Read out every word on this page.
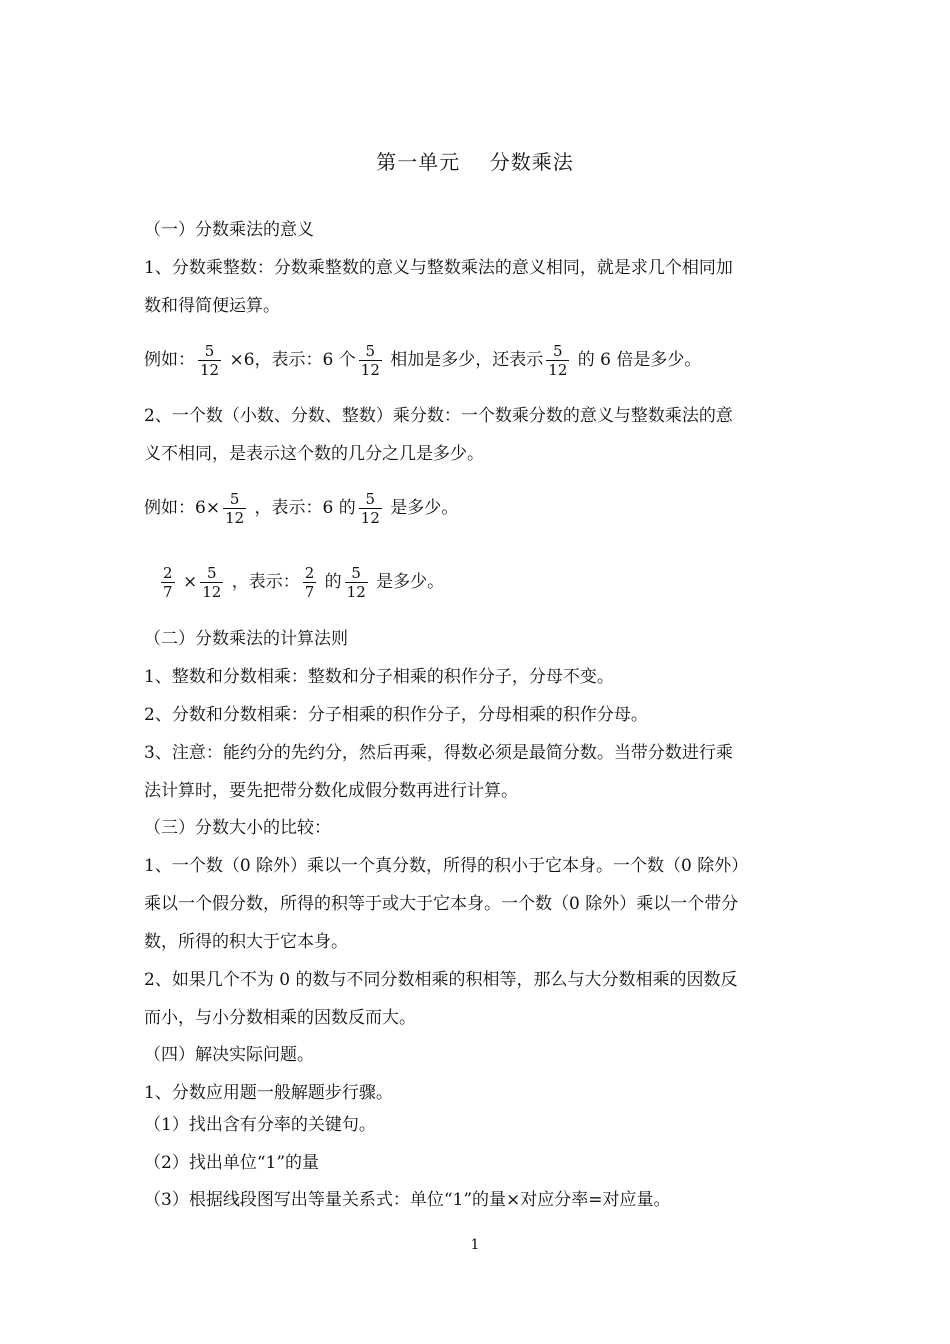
第一单元    分数乘法
（一）分数乘法的意义
1、分数乘整数：分数乘整数的意义与整数乘法的意义相同，就是求几个相同加
数和得简便运算。
例如： $\frac{5}{12} \times 6$，表示：6 个 $\frac{5}{12}$ 相加是多少，还表示 $\frac{5}{12}$ 的 6 倍是多少。
2、一个数（小数、分数、整数）乘分数：一个数乘分数的意义与整数乘法的意
义不相同，是表示这个数的几分之几是多少。
例如：$6\times \frac{5}{12}$ ，表示：6 的 $\frac{5}{12}$ 是多少。
$\frac{2}{7} \times \frac{5}{12}$ ，表示： $\frac{2}{7}$ 的 $\frac{5}{12}$ 是多少。
（二）分数乘法的计算法则
1、整数和分数相乘：整数和分子相乘的积作分子，分母不变。
2、分数和分数相乘：分子相乘的积作分子，分母相乘的积作分母。
3、注意：能约分的先约分，然后再乘，得数必须是最简分数。当带分数进行乘
法计算时，要先把带分数化成假分数再进行计算。
（三）分数大小的比较：
1、一个数（0 除外）乘以一个真分数，所得的积小于它本身。一个数（0 除外）
乘以一个假分数，所得的积等于或大于它本身。一个数（0 除外）乘以一个带分
数，所得的积大于它本身。
2、如果几个不为 0 的数与不同分数相乘的积相等，那么与大分数相乘的因数反
而小，与小分数相乘的因数反而大。
（四）解决实际问题。
1、分数应用题一般解题步行骤。
（1）找出含有分率的关键句。
（2）找出单位“1”的量
（3）根据线段图写出等量关系式：单位“1”的量×对应分率=对应量。
1
